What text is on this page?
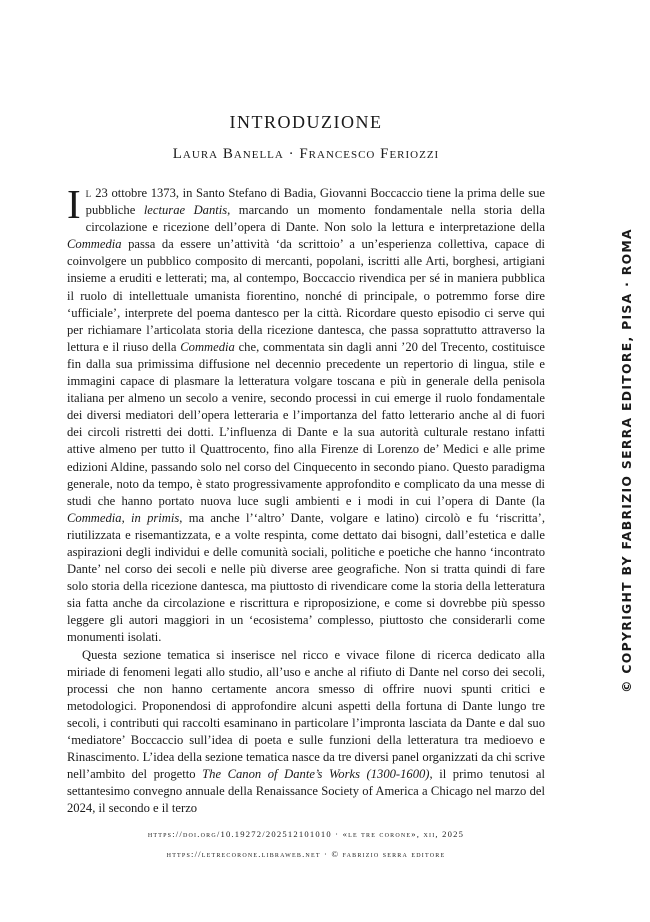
INTRODUZIONE
Laura Banella · Francesco Feriozzi

Il 23 ottobre 1373, in Santo Stefano di Badia, Giovanni Boccaccio tiene la prima delle sue pubbliche lecturae Dantis, marcando un momento fondamentale nella storia della circolazione e ricezione dell’opera di Dante. Non solo la lettura e interpretazione della Commedia passa da essere un’attività ‘da scrittoio’ a un’esperienza collettiva, capace di coinvolgere un pubblico composito di mercanti, popolani, iscritti alle Arti, borghesi, artigiani insieme a eruditi e letterati; ma, al contempo, Boccaccio rivendica per sé in maniera pubblica il ruolo di intellettuale umanista fiorentino, nonché di principale, o potremmo forse dire ‘ufficiale’, interprete del poema dantesco per la città. Ricordare questo episodio ci serve qui per richiamare l’articolata storia della ricezione dantesca, che passa soprattutto attraverso la lettura e il riuso della Commedia che, commentata sin dagli anni ’20 del Trecento, costituisce fin dalla sua primissima diffusione nel decennio precedente un repertorio di lingua, stile e immagini capace di plasmare la letteratura volgare toscana e più in generale della penisola italiana per almeno un secolo a venire, secondo processi in cui emerge il ruolo fondamentale dei diversi mediatori dell’opera letteraria e l’importanza del fatto letterario anche al di fuori dei circoli ristretti dei dotti. L’influenza di Dante e la sua autorità culturale restano infatti attive almeno per tutto il Quattrocento, fino alla Firenze di Lorenzo de’ Medici e alle prime edizioni Aldine, passando solo nel corso del Cinquecento in secondo piano. Questo paradigma generale, noto da tempo, è stato progressivamente approfondito e complicato da una messe di studi che hanno portato nuova luce sugli ambienti e i modi in cui l’opera di Dante (la Commedia, in primis, ma anche l’‘altro’ Dante, volgare e latino) circolò e fu ‘riscritta’, riutilizzata e risemantizzata, e a volte respinta, come dettato dai bisogni, dall’estetica e dalle aspirazioni degli individui e delle comunità sociali, politiche e poetiche che hanno ‘incontrato Dante’ nel corso dei secoli e nelle più diverse aree geografiche. Non si tratta quindi di fare solo storia della ricezione dantesca, ma piuttosto di rivendicare come la storia della letteratura sia fatta anche da circolazione e riscrittura e riproposizione, e come si dovrebbe più spesso leggere gli autori maggiori in un ‘ecosistema’ complesso, piuttosto che considerarli come monumenti isolati.

Questa sezione tematica si inserisce nel ricco e vivace filone di ricerca dedicato alla miriade di fenomeni legati allo studio, all’uso e anche al rifiuto di Dante nel corso dei secoli, processi che non hanno certamente ancora smesso di offrire nuovi spunti critici e metodologici. Proponendosi di approfondire alcuni aspetti della fortuna di Dante lungo tre secoli, i contributi qui raccolti esaminano in particolare l’impronta lasciata da Dante e dal suo ‘mediatore’ Boccaccio sull’idea di poeta e sulle funzioni della letteratura tra medioevo e Rinascimento. L’idea della sezione tematica nasce da tre diversi panel organizzati da chi scrive nell’ambito del progetto The Canon of Dante’s Works (1300-1600), il primo tenutosi al settantesimo convegno annuale della Renaissance Society of America a Chicago nel marzo del 2024, il secondo e il terzo

https://doi.org/10.19272/202512101010 · «le tre corone», xii, 2025
https://letrecorone.libraweb.net · © fabrizio serra editore
© COPYRIGHT BY FABRIZIO SERRA EDITORE, PISA · ROMA
